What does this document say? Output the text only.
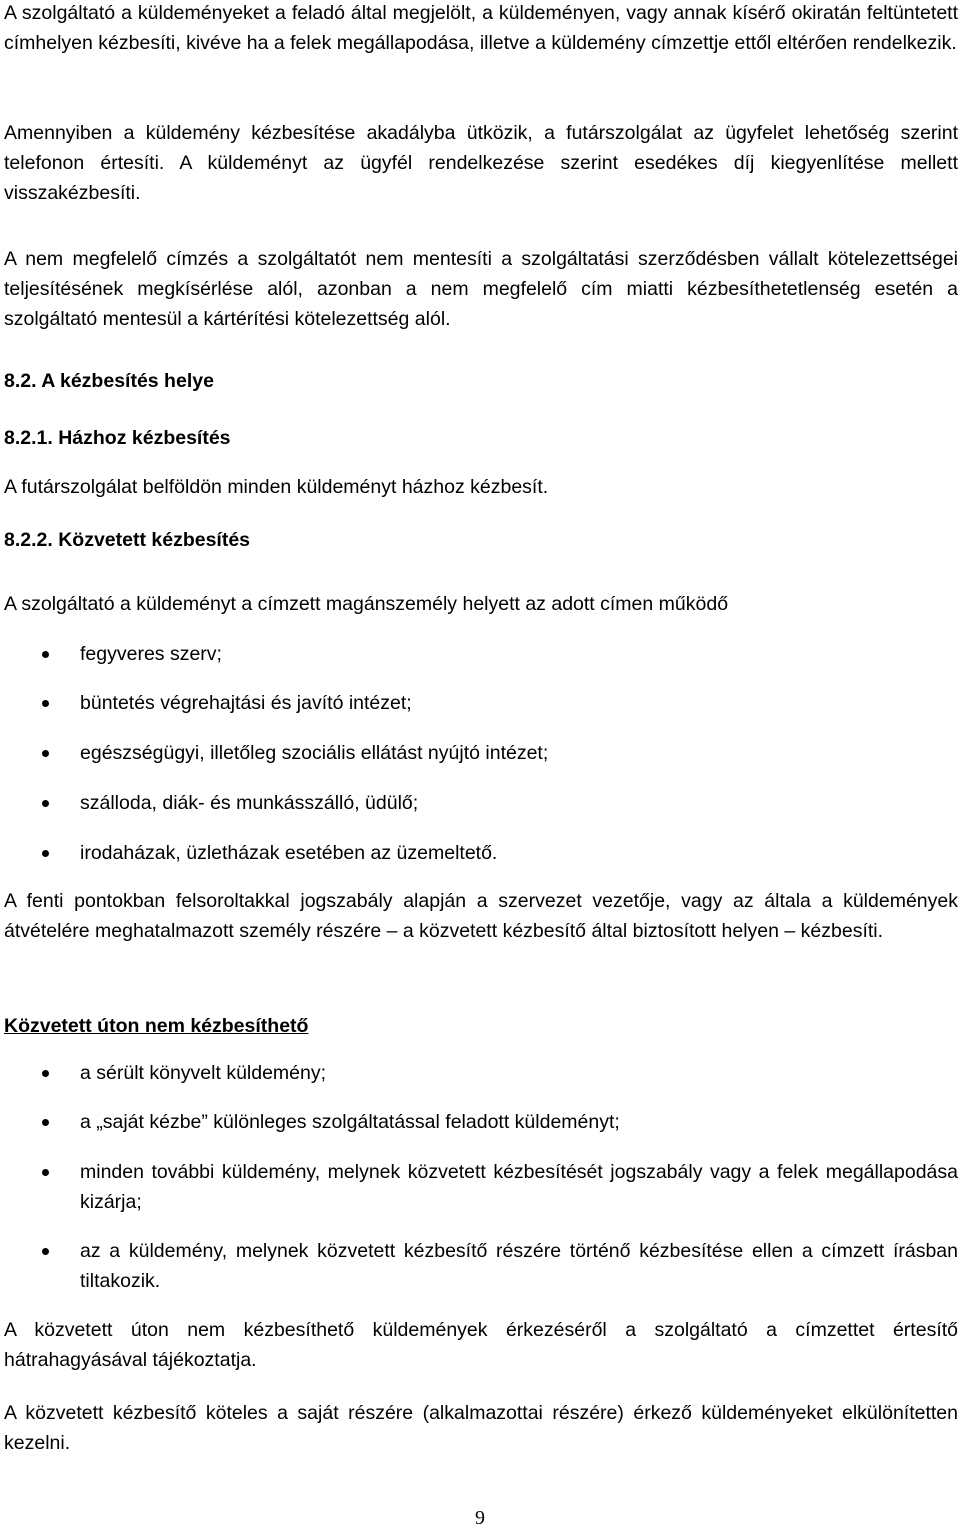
A szolgáltató a küldeményeket a feladó által megjelölt, a küldeményen, vagy annak kísérő okiratán feltüntetett címhelyen kézbesíti, kivéve ha a felek megállapodása, illetve a küldemény címzettje ettől eltérően rendelkezik.

Amennyiben a küldemény kézbesítése akadályba ütközik, a futárszolgálat az ügyfelet lehetőség szerint telefonon értesíti. A küldeményt az ügyfél rendelkezése szerint esedékes díj kiegyenlítése mellett visszakézbesíti.

A nem megfelelő címzés a szolgáltatót nem mentesíti a szolgáltatási szerződésben vállalt kötelezettségei teljesítésének megkísérlése alól, azonban a nem megfelelő cím miatti kézbesíthetetlenség esetén a szolgáltató mentesül a kártérítési kötelezettség alól.

8.2. A kézbesítés helye

8.2.1. Házhoz kézbesítés

A futárszolgálat belföldön minden küldeményt házhoz kézbesít.

8.2.2. Közvetett kézbesítés

A szolgáltató a küldeményt a címzett magánszemély helyett az adott címen működő

fegyveres szerv;
büntetés végrehajtási és javító intézet;
egészségügyi, illetőleg szociális ellátást nyújtó intézet;
szálloda, diák- és munkásszálló, üdülő;
irodaházak, üzletházak esetében az üzemeltető.

A fenti pontokban felsoroltakkal jogszabály alapján a szervezet vezetője, vagy az általa a küldemények átvételére meghatalmazott személy részére – a közvetett kézbesítő által biztosított helyen – kézbesíti.

Közvetett úton nem kézbesíthető

a sérült könyvelt küldemény;
a „saját kézbe” különleges szolgáltatással feladott küldeményt;
minden további küldemény, melynek közvetett kézbesítését jogszabály vagy a felek megállapodása kizárja;
az a küldemény, melynek közvetett kézbesítő részére történő kézbesítése ellen a címzett írásban tiltakozik.

A közvetett úton nem kézbesíthető küldemények érkezéséről a szolgáltató a címzettet értesítő hátrahagyásával tájékoztatja.

A közvetett kézbesítő köteles a saját részére (alkalmazottai részére) érkező küldeményeket elkülönítetten kezelni.

9
